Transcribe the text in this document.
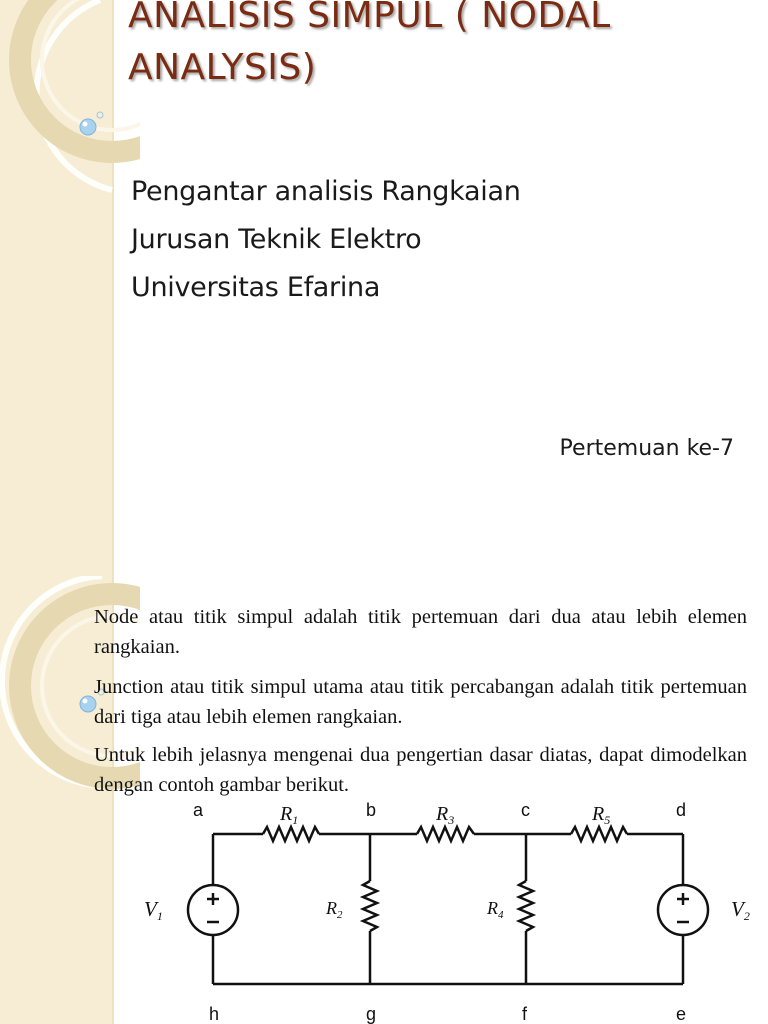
ANALISIS SIMPUL ( NODAL ANALYSIS)
Pengantar analisis Rangkaian
Jurusan Teknik Elektro
Universitas Efarina
Pertemuan ke-7

Node atau titik simpul adalah titik pertemuan dari dua atau lebih elemen rangkaian.

Junction atau titik simpul utama atau titik percabangan adalah titik pertemuan dari tiga atau lebih elemen rangkaian.

Untuk lebih jelasnya mengenai dua pengertian dasar diatas, dapat dimodelkan dengan contoh gambar berikut.

a	b	c	d
h	g	f	e
$R_1$	$R_3$	$R_5$
$R_2$	$R_4$
V1	V2
